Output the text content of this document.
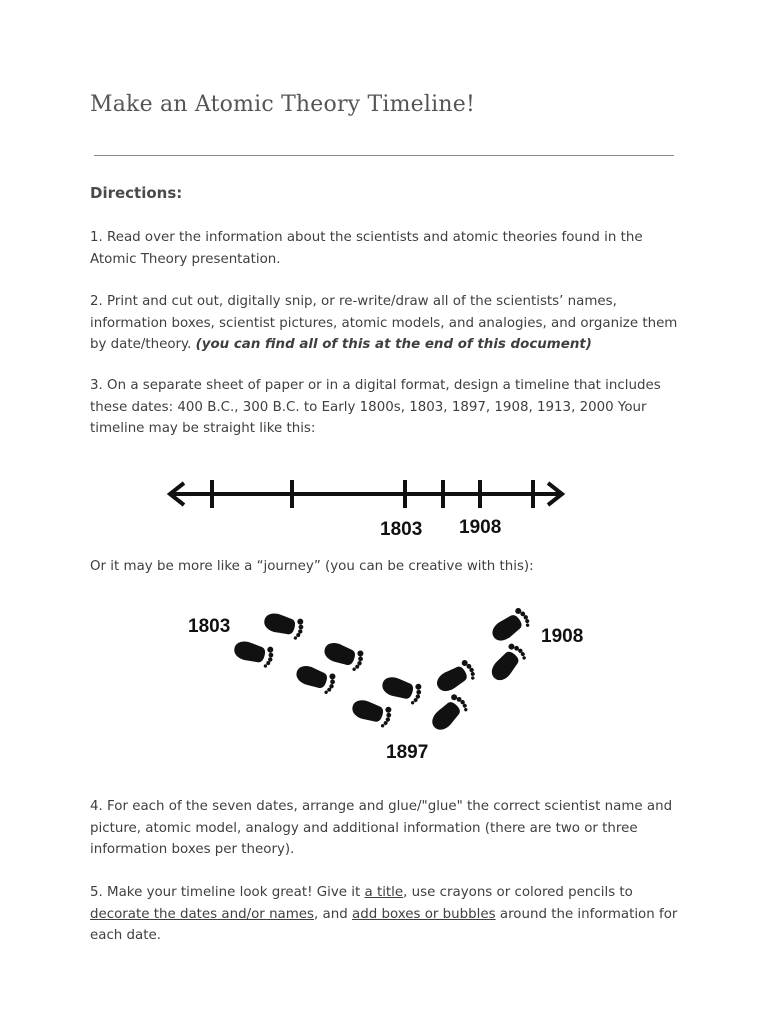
Make an Atomic Theory Timeline!
Directions:

1. Read over the information about the scientists and atomic theories found in the Atomic Theory presentation.

2. Print and cut out, digitally snip, or re-write/draw all of the scientists’ names, information boxes, scientist pictures, atomic models, and analogies, and organize them by date/theory. (you can find all of this at the end of this document)

3. On a separate sheet of paper or in a digital format, design a timeline that includes these dates: 400 B.C., 300 B.C. to Early 1800s, 1803, 1897, 1908, 1913, 2000 Your timeline may be straight like this:

1803 1908

Or it may be more like a “journey” (you can be creative with this):

1803	1908
1897

4. For each of the seven dates, arrange and glue/"glue" the correct scientist name and picture, atomic model, analogy and additional information (there are two or three information boxes per theory).

5. Make your timeline look great! Give it a title, use crayons or colored pencils to decorate the dates and/or names, and add boxes or bubbles around the information for each date.
